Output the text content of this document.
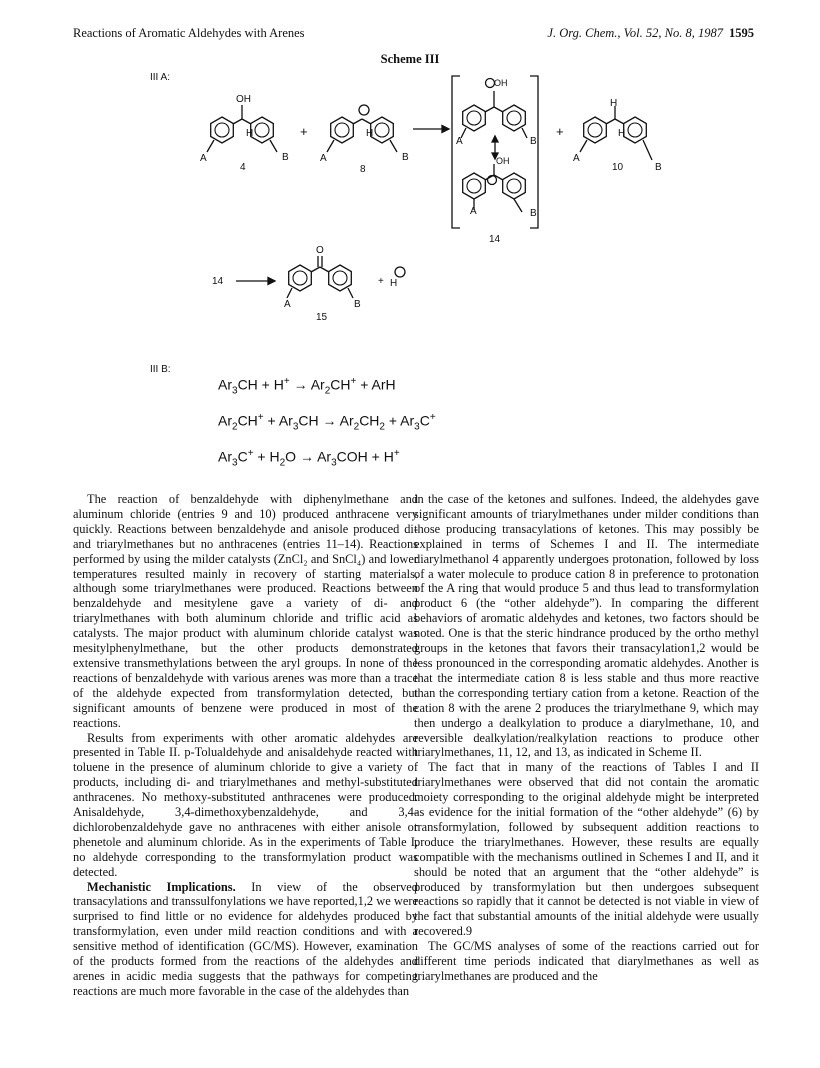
Reactions of Aromatic Aldehydes with Arenes	J. Org. Chem., Vol. 52, No. 8, 1987 1595
Scheme III
III A:
III B:
OH
H
A	B
4
+	H
A	B
8
OH
A	B
OH
A	B
14
+
H
H
A
B
10
14
O
A	B
15
+ H
$Ar_3CH + H^+ \to Ar_2CH^+$ + ArH
$Ar_2CH^+ + Ar_3CH \to Ar_2CH_2 + Ar_3C^+$
$Ar_3C^+ + H_2O \to Ar_3COH + H^+$

The reaction of benzaldehyde with diphenylmethane and aluminum chloride (entries 9 and 10) produced anthracene very quickly. Reactions between benzaldehyde and anisole produced di- and triarylmethanes but no anthracenes (entries 11–14). Reactions performed by using the milder catalysts (ZnCl₂ and SnCl₄) and lower temperatures resulted mainly in recovery of starting materials, although some triarylmethanes were produced. Reactions between benzaldehyde and mesitylene gave a variety of di- and triarylmethanes with both aluminum chloride and triflic acid as catalysts. The major product with aluminum chloride catalyst was mesitylphenylmethane, but the other products demonstrated extensive transmethylations between the aryl groups. In none of the reactions of benzaldehyde with various arenes was more than a trace of the aldehyde expected from transformylation detected, but significant amounts of benzene were produced in most of the reactions.

Results from experiments with other aromatic aldehydes are presented in Table II. p-Tolualdehyde and anisaldehyde reacted with toluene in the presence of aluminum chloride to give a variety of products, including di- and triarylmethanes and methyl-substituted anthracenes. No methoxy-substituted anthracenes were produced. Anisaldehyde, 3,4-dimethoxybenzaldehyde, and 3,4-dichlorobenzaldehyde gave no anthracenes with either anisole or phenetole and aluminum chloride. As in the experiments of Table I, no aldehyde corresponding to the transformylation product was detected.

Mechanistic Implications. In view of the observed transacylations and transsulfonylations we have reported,1,2 we were surprised to find little or no evidence for aldehydes produced by transformylation, even under mild reaction conditions and with a sensitive method of identification (GC/MS). However, examination of the products formed from the reactions of the aldehydes and arenes in acidic media suggests that the pathways for competing reactions are much more favorable in the case of the aldehydes than

in the case of the ketones and sulfones. Indeed, the aldehydes gave significant amounts of triarylmethanes under milder conditions than those producing transacylations of ketones. This may possibly be explained in terms of Schemes I and II. The intermediate diarylmethanol 4 apparently undergoes protonation, followed by loss of a water molecule to produce cation 8 in preference to protonation of the A ring that would produce 5 and thus lead to transformylation product 6 (the “other aldehyde”). In comparing the different behaviors of aromatic aldehydes and ketones, two factors should be noted. One is that the steric hindrance produced by the ortho methyl groups in the ketones that favors their transacylation1,2 would be less pronounced in the corresponding aromatic aldehydes. Another is that the intermediate cation 8 is less stable and thus more reactive than the corresponding tertiary cation from a ketone. Reaction of the cation 8 with the arene 2 produces the triarylmethane 9, which may then undergo a dealkylation to produce a diarylmethane, 10, and reversible dealkylation/realkylation reactions to produce other triarylmethanes, 11, 12, and 13, as indicated in Scheme II.

The fact that in many of the reactions of Tables I and II triarylmethanes were observed that did not contain the aromatic moiety corresponding to the original aldehyde might be interpreted as evidence for the initial formation of the “other aldehyde” (6) by transformylation, followed by subsequent addition reactions to produce the triarylmethanes. However, these results are equally compatible with the mechanisms outlined in Schemes I and II, and it should be noted that an argument that the “other aldehyde” is produced by transformylation but then undergoes subsequent reactions so rapidly that it cannot be detected is not viable in view of the fact that substantial amounts of the initial aldehyde were usually recovered.9

The GC/MS analyses of some of the reactions carried out for different time periods indicated that diarylmethanes as well as triarylmethanes are produced and the
